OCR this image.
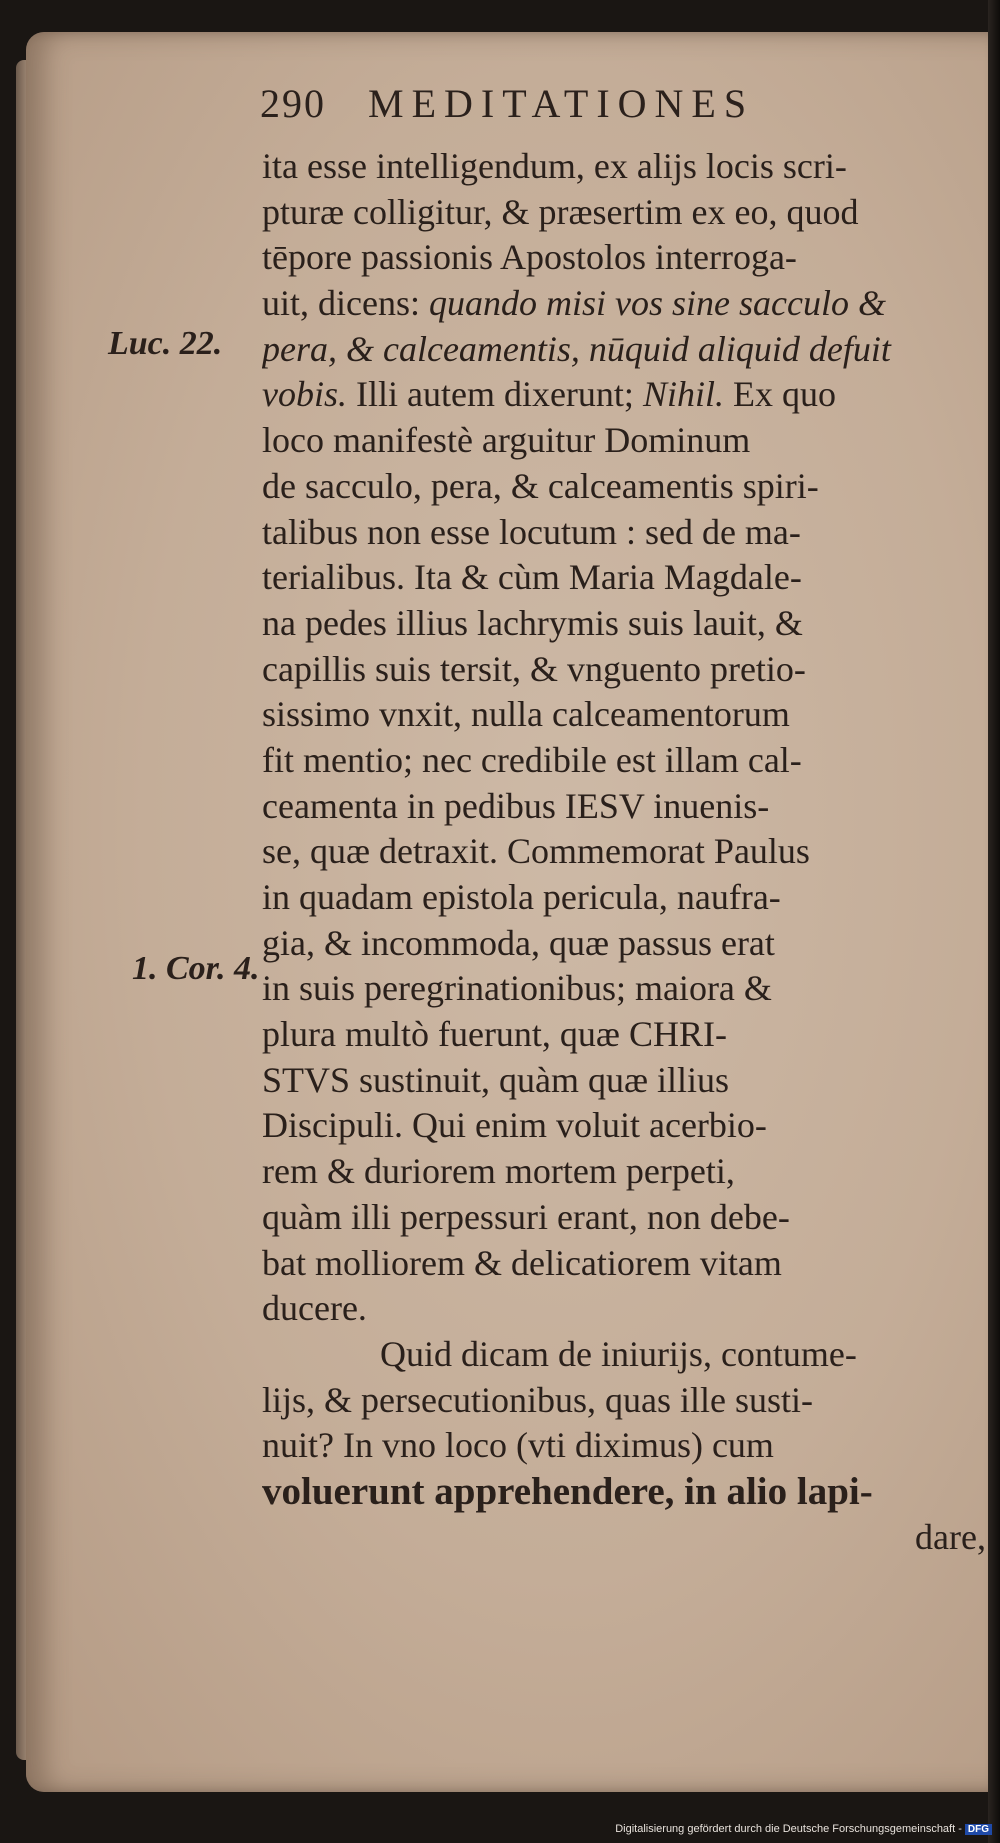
290 MEDITATIONES
Luc. 22.
1. Cor. 4.
ita esse intelligendum, ex alijs locis scri-
pturæ colligitur, & præsertim ex eo, quod
tēpore passionis Apostolos interroga-
uit, dicens: quando misi vos sine sacculo &
pera, & calceamentis, nūquid aliquid defuit
vobis. Illi autem dixerunt; Nihil. Ex quo
loco manifestè arguitur Dominum
de sacculo, pera, & calceamentis spiri-
talibus non esse locutum : sed de ma-
terialibus. Ita & cùm Maria Magdale-
na pedes illius lachrymis suis lauit, &
capillis suis tersit, & vnguento pretio-
sissimo vnxit, nulla calceamentorum
fit mentio; nec credibile est illam cal-
ceamenta in pedibus IESV inuenis-
se, quæ detraxit. Commemorat Paulus
in quadam epistola pericula, naufra-
gia, & incommoda, quæ passus erat
in suis peregrinationibus; maiora &
plura multò fuerunt, quæ CHRI-
STVS sustinuit, quàm quæ illius
Discipuli. Qui enim voluit acerbio-
rem & duriorem mortem perpeti,
quàm illi perpessuri erant, non debe-
bat molliorem & delicatiorem vitam
ducere.
Quid dicam de iniurijs, contume-
lijs, & persecutionibus, quas ille susti-
nuit? In vno loco (vti diximus) cum
voluerunt apprehendere, in alio lapi-
dare,
Digitalisierung gefördert durch die Deutsche Forschungsgemeinschaft - DFG
